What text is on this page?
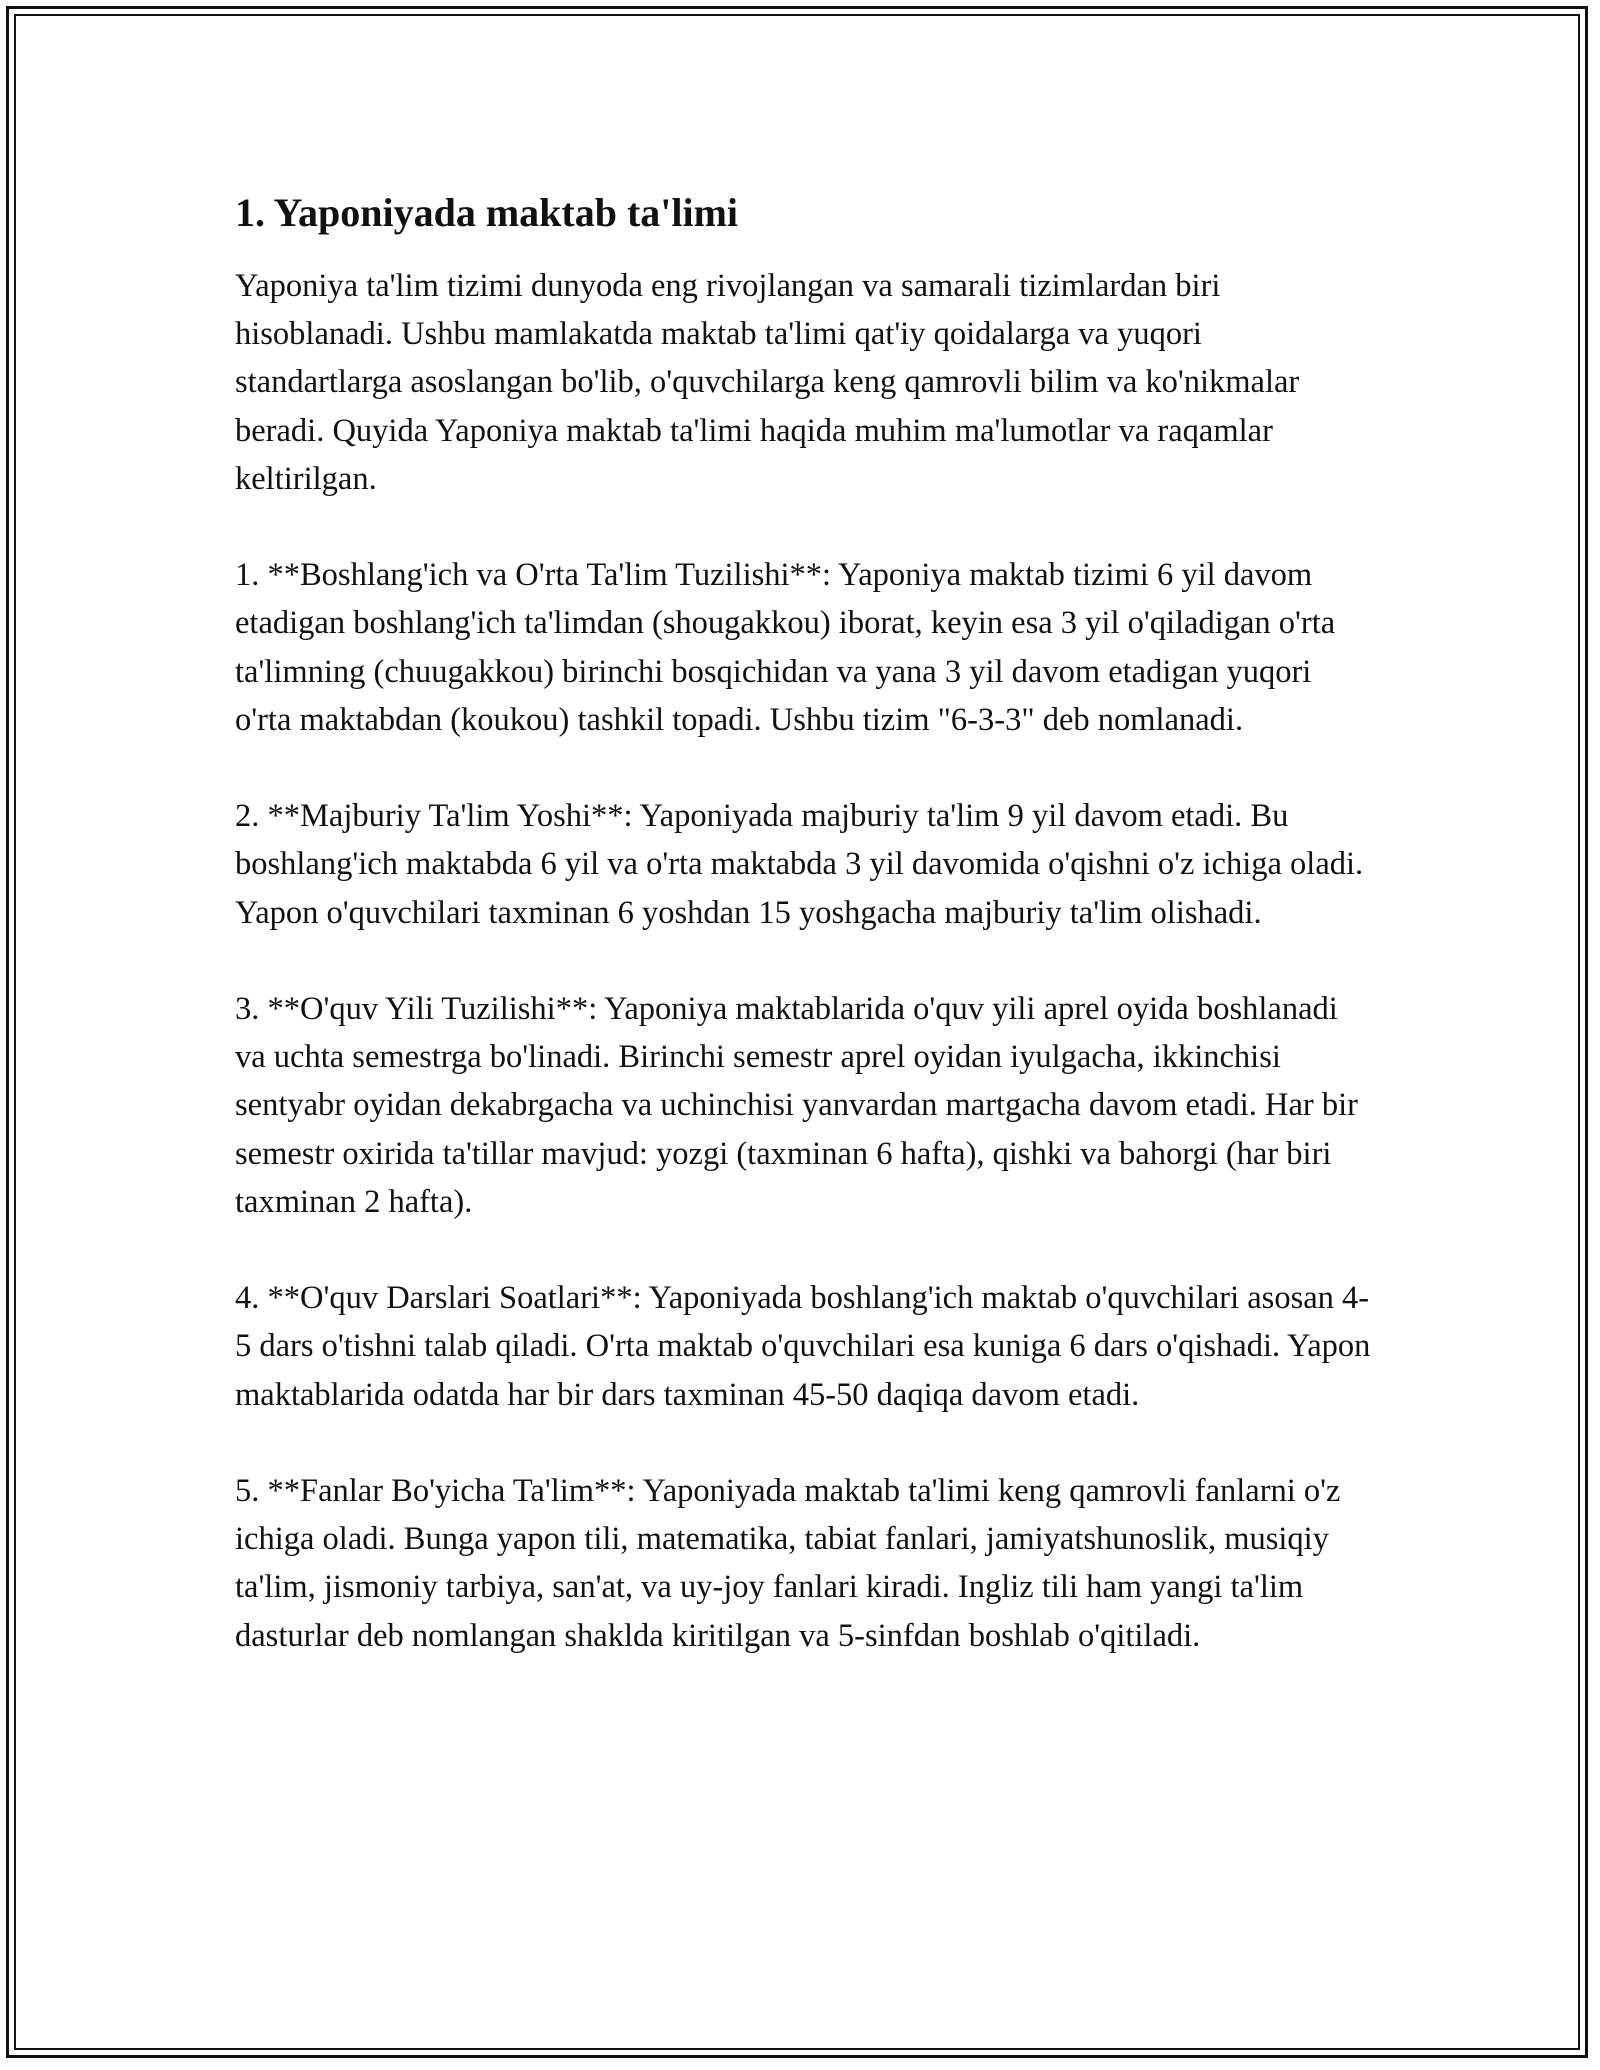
1. Yaponiyada maktab ta'limi

Yaponiya ta'lim tizimi dunyoda eng rivojlangan va samarali tizimlardan biri hisoblanadi. Ushbu mamlakatda maktab ta'limi qat'iy qoidalarga va yuqori standartlarga asoslangan bo'lib, o'quvchilarga keng qamrovli bilim va ko'nikmalar beradi. Quyida Yaponiya maktab ta'limi haqida muhim ma'lumotlar va raqamlar keltirilgan.

1. **Boshlang'ich va O'rta Ta'lim Tuzilishi**: Yaponiya maktab tizimi 6 yil davom etadigan boshlang'ich ta'limdan (shougakkou) iborat, keyin esa 3 yil o'qiladigan o'rta ta'limning (chuugakkou) birinchi bosqichidan va yana 3 yil davom etadigan yuqori o'rta maktabdan (koukou) tashkil topadi. Ushbu tizim "6-3-3" deb nomlanadi.

2. **Majburiy Ta'lim Yoshi**: Yaponiyada majburiy ta'lim 9 yil davom etadi. Bu boshlang'ich maktabda 6 yil va o'rta maktabda 3 yil davomida o'qishni o'z ichiga oladi. Yapon o'quvchilari taxminan 6 yoshdan 15 yoshgacha majburiy ta'lim olishadi.

3. **O'quv Yili Tuzilishi**: Yaponiya maktablarida o'quv yili aprel oyida boshlanadi va uchta semestrga bo'linadi. Birinchi semestr aprel oyidan iyulgacha, ikkinchisi sentyabr oyidan dekabrgacha va uchinchisi yanvardan martgacha davom etadi. Har bir semestr oxirida ta'tillar mavjud: yozgi (taxminan 6 hafta), qishki va bahorgi (har biri taxminan 2 hafta).

4. **O'quv Darslari Soatlari**: Yaponiyada boshlang'ich maktab o'quvchilari asosan 4-5 dars o'tishni talab qiladi. O'rta maktab o'quvchilari esa kuniga 6 dars o'qishadi. Yapon maktablarida odatda har bir dars taxminan 45-50 daqiqa davom etadi.

5. **Fanlar Bo'yicha Ta'lim**: Yaponiyada maktab ta'limi keng qamrovli fanlarni o'z ichiga oladi. Bunga yapon tili, matematika, tabiat fanlari, jamiyatshunoslik, musiqiy ta'lim, jismoniy tarbiya, san'at, va uy-joy fanlari kiradi. Ingliz tili ham yangi ta'lim dasturlar deb nomlangan shaklda kiritilgan va 5-sinfdan boshlab o'qitiladi.
